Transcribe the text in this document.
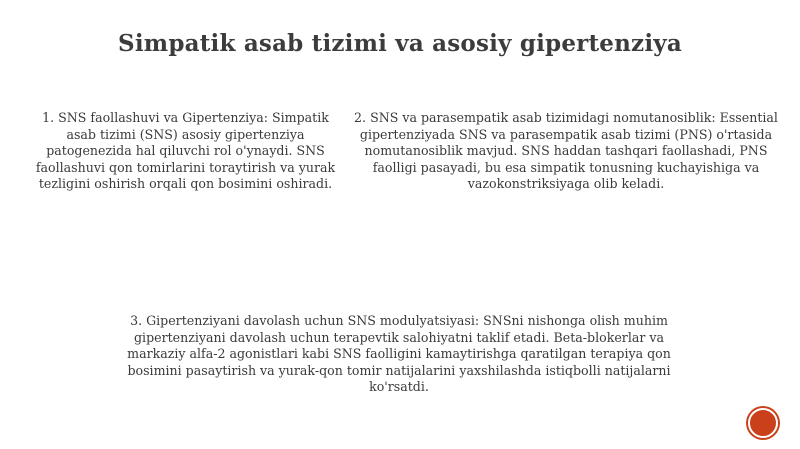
Simpatik asab tizimi va asosiy gipertenziya

1. SNS faollashuvi va Gipertenziya: Simpatik asab tizimi (SNS) asosiy gipertenziya patogenezida hal qiluvchi rol o'ynaydi. SNS faollashuvi qon tomirlarini toraytirish va yurak tezligini oshirish orqali qon bosimini oshiradi.

2. SNS va parasempatik asab tizimidagi nomutanosiblik: Essential gipertenziyada SNS va parasempatik asab tizimi (PNS) o'rtasida nomutanosiblik mavjud. SNS haddan tashqari faollashadi, PNS faolligi pasayadi, bu esa simpatik tonusning kuchayishiga va vazokonstriksiyaga olib keladi.

3. Gipertenziyani davolash uchun SNS modulyatsiyasi: SNSni nishonga olish muhim gipertenziyani davolash uchun terapevtik salohiyatni taklif etadi. Beta-blokerlar va markaziy alfa-2 agonistlari kabi SNS faolligini kamaytirishga qaratilgan terapiya qon bosimini pasaytirish va yurak-qon tomir natijalarini yaxshilashda istiqbolli natijalarni ko'rsatdi.
